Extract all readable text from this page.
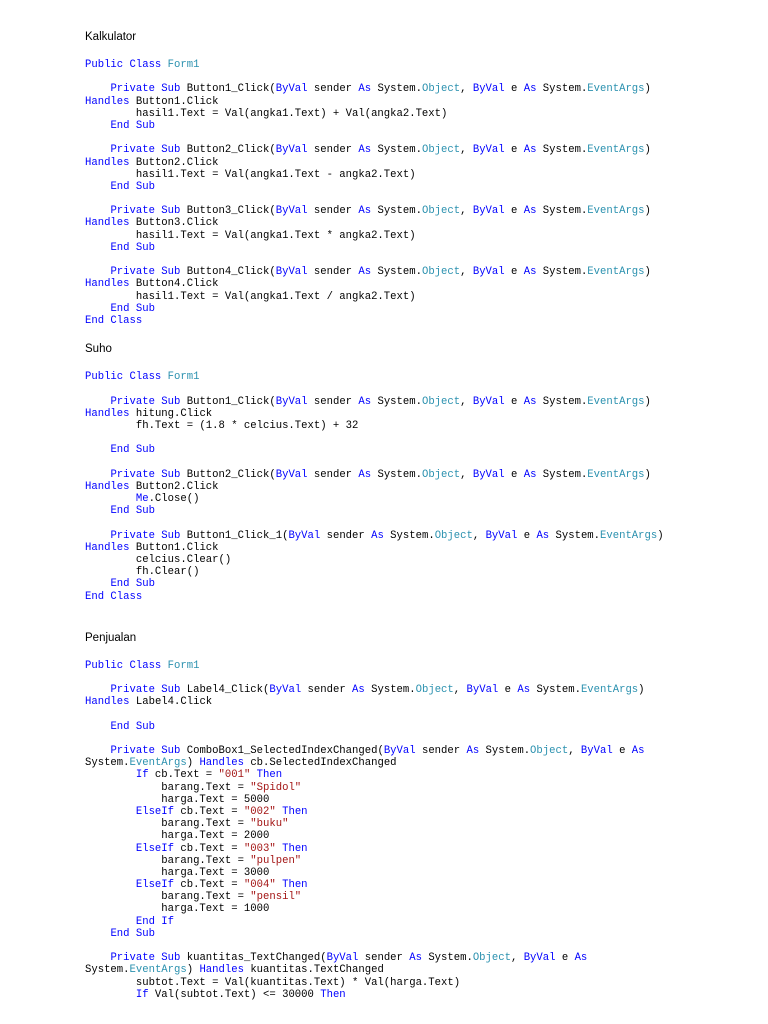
Kalkulator
Public Class Form1
Private Sub Button1_Click(ByVal sender As System.Object, ByVal e As System.EventArgs)
Handles Button1.Click
hasil1.Text = Val(angka1.Text) + Val(angka2.Text)
End Sub
Private Sub Button2_Click(ByVal sender As System.Object, ByVal e As System.EventArgs)
Handles Button2.Click
hasil1.Text = Val(angka1.Text - angka2.Text)
End Sub
Private Sub Button3_Click(ByVal sender As System.Object, ByVal e As System.EventArgs)
Handles Button3.Click
hasil1.Text = Val(angka1.Text * angka2.Text)
End Sub
Private Sub Button4_Click(ByVal sender As System.Object, ByVal e As System.EventArgs)
Handles Button4.Click
hasil1.Text = Val(angka1.Text / angka2.Text)
End Sub
End Class
Suho
Public Class Form1
Private Sub Button1_Click(ByVal sender As System.Object, ByVal e As System.EventArgs)
Handles hitung.Click
fh.Text = (1.8 * celcius.Text) + 32
End Sub
Private Sub Button2_Click(ByVal sender As System.Object, ByVal e As System.EventArgs)
Handles Button2.Click
Me.Close()
End Sub
Private Sub Button1_Click_1(ByVal sender As System.Object, ByVal e As System.EventArgs)
Handles Button1.Click
celcius.Clear()
fh.Clear()
End Sub
End Class
Penjualan
Public Class Form1
Private Sub Label4_Click(ByVal sender As System.Object, ByVal e As System.EventArgs)
Handles Label4.Click
End Sub
Private Sub ComboBox1_SelectedIndexChanged(ByVal sender As System.Object, ByVal e As
System.EventArgs) Handles cb.SelectedIndexChanged
If cb.Text = "001" Then
barang.Text = "Spidol"
harga.Text = 5000
ElseIf cb.Text = "002" Then
barang.Text = "buku"
harga.Text = 2000
ElseIf cb.Text = "003" Then
barang.Text = "pulpen"
harga.Text = 3000
ElseIf cb.Text = "004" Then
barang.Text = "pensil"
harga.Text = 1000
End If
End Sub
Private Sub kuantitas_TextChanged(ByVal sender As System.Object, ByVal e As
System.EventArgs) Handles kuantitas.TextChanged
subtot.Text = Val(kuantitas.Text) * Val(harga.Text)
If Val(subtot.Text) <= 30000 Then
